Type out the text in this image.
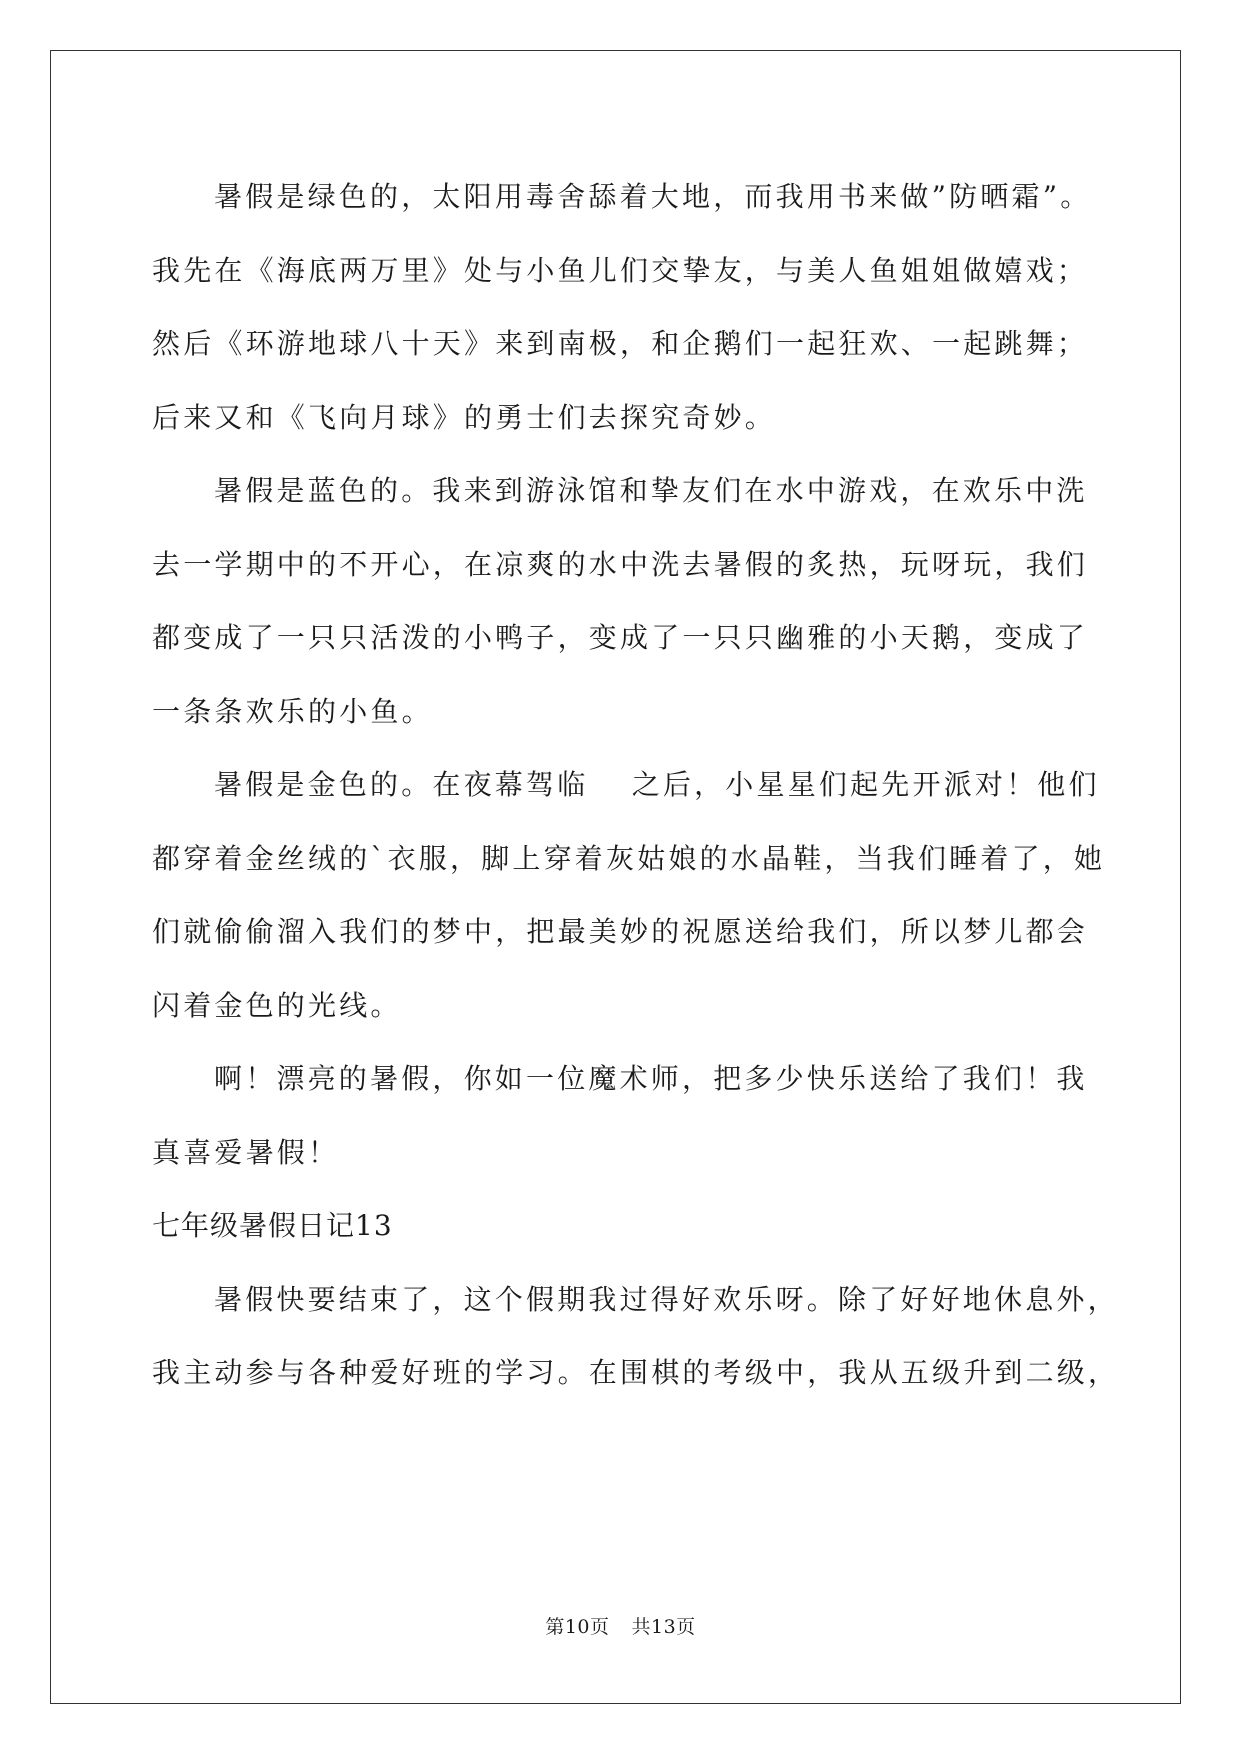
暑假是绿色的，太阳用毒舍舔着大地，而我用书来做”防晒霜”。
我先在《海底两万里》处与小鱼儿们交挚友，与美人鱼姐姐做嬉戏；
然后《环游地球八十天》来到南极，和企鹅们一起狂欢、一起跳舞；
后来又和《飞向月球》的勇士们去探究奇妙。
暑假是蓝色的。我来到游泳馆和挚友们在水中游戏，在欢乐中洗
去一学期中的不开心，在凉爽的水中洗去暑假的炙热，玩呀玩，我们
都变成了一只只活泼的小鸭子，变成了一只只幽雅的小天鹅，变成了
一条条欢乐的小鱼。
暑假是金色的。在夜幕驾临　 之后，小星星们起先开派对！他们
都穿着金丝绒的`衣服，脚上穿着灰姑娘的水晶鞋，当我们睡着了，她
们就偷偷溜入我们的梦中，把最美妙的祝愿送给我们，所以梦儿都会
闪着金色的光线。
啊！漂亮的暑假，你如一位魔术师，把多少快乐送给了我们！我
真喜爱暑假！
七年级暑假日记13
暑假快要结束了，这个假期我过得好欢乐呀。除了好好地休息外，
我主动参与各种爱好班的学习。在围棋的考级中，我从五级升到二级，
第10页 共13页
